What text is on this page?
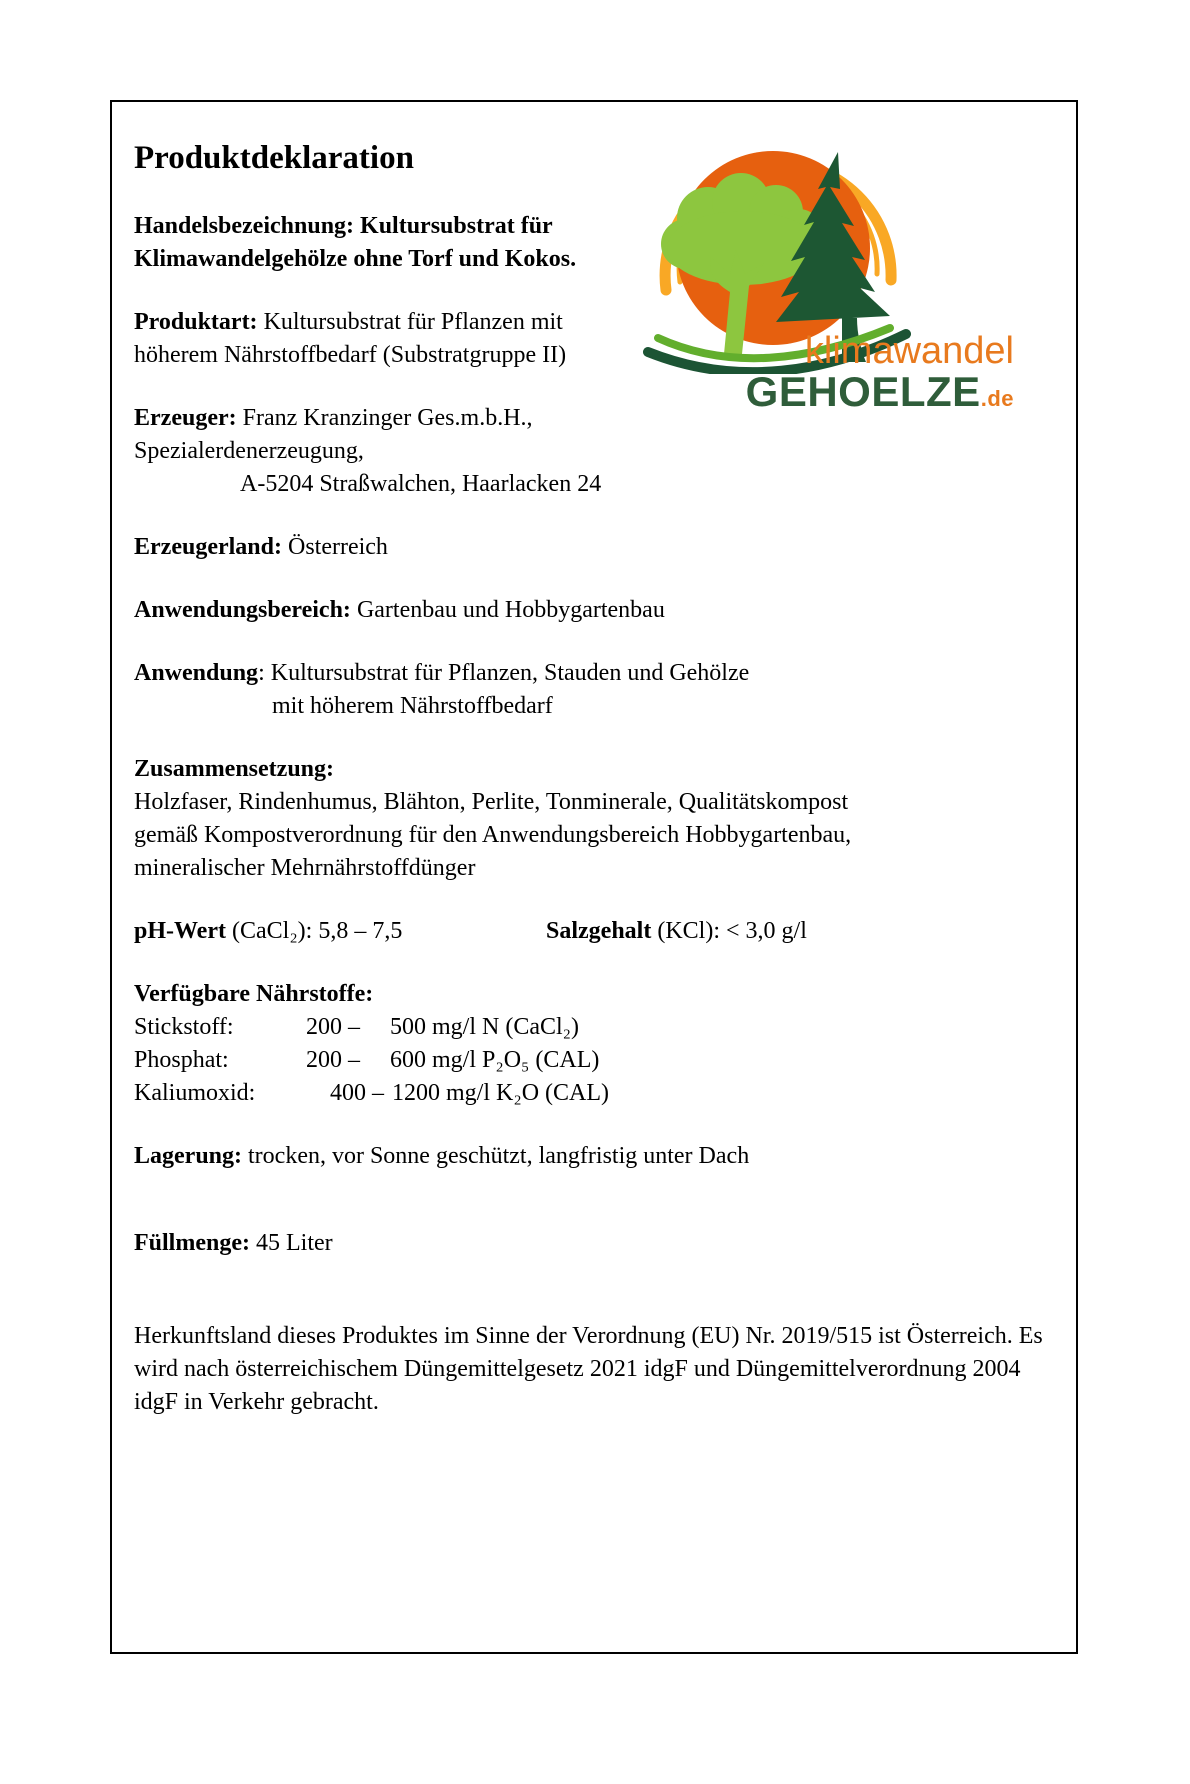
klimawandel
GEHOELZE.de
Produktdeklaration

Handelsbezeichnung: Kultursubstrat für
Klimawandelgehölze ohne Torf und Kokos.

Produktart: Kultursubstrat für Pflanzen mit
höherem Nährstoffbedarf (Substratgruppe II)

Erzeuger: Franz Kranzinger Ges.m.b.H.,
Spezialerdenerzeugung,
A-5204 Straßwalchen, Haarlacken 24

Erzeugerland: Österreich

Anwendungsbereich: Gartenbau und Hobbygartenbau

Anwendung: Kultursubstrat für Pflanzen, Stauden und Gehölze
mit höherem Nährstoffbedarf

Zusammensetzung:
Holzfaser, Rindenhumus, Blähton, Perlite, Tonminerale, Qualitätskompost
gemäß Kompostverordnung für den Anwendungsbereich Hobbygartenbau,
mineralischer Mehrnährstoffdünger

pH-Wert (CaCl₂): 5,8 – 7,5	Salzgehalt (KCl): < 3,0 g/l
Verfügbare Nährstoffe:
Stickstoff:	200 –	500 mg/l N (CaCl₂)
Phosphat:	200 –	600 mg/l P₂O₅ (CAL)
Kaliumoxid:	400 – 1200 mg/l K₂O (CAL)

Lagerung: trocken, vor Sonne geschützt, langfristig unter Dach

Füllmenge: 45 Liter

Herkunftsland dieses Produktes im Sinne der Verordnung (EU) Nr. 2019/515 ist Österreich. Es wird nach österreichischem Düngemittelgesetz 2021 idgF und Düngemittelverordnung 2004 idgF in Verkehr gebracht.
